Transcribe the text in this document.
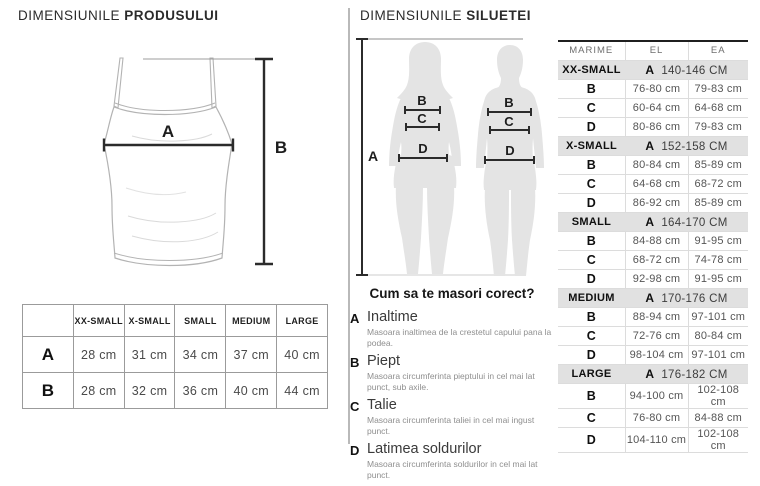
DIMENSIUNILE PRODUSULUI	DIMENSIUNILE SILUETEI
A
B
	XX-SMALL	X-SMALL	SMALL	MEDIUM	LARGE
A	28 cm	31 cm	34 cm	37 cm	40 cm
B	28 cm	32 cm	36 cm	40 cm	44 cm
A
B
C
D
B
C
D
Cum sa te masori corect?
A Inaltime
Masoara inaltimea de la crestetul capului pana la podea.
B Piept
Masoara circumferinta pieptului in cel mai lat punct, sub axile.
C Talie
Masoara circumferinta taliei in cel mai ingust punct.
D Latimea soldurilor
Masoara circumferinta soldurilor in cel mai lat punct.
MARIME	EL	EA
XX-SMALL	A 140-146 CM	
B	76-80 cm	79-83 cm
C	60-64 cm	64-68 cm
D	80-86 cm	79-83 cm
X-SMALL	A 152-158 CM	
B	80-84 cm	85-89 cm
C	64-68 cm	68-72 cm
D	86-92 cm	85-89 cm
SMALL	A 164-170 CM	
B	84-88 cm	91-95 cm
C	68-72 cm	74-78 cm
D	92-98 cm	91-95 cm
MEDIUM	A 170-176 CM	
B	88-94 cm	97-101 cm
C	72-76 cm	80-84 cm
D	98-104 cm	97-101 cm
LARGE	A 176-182 CM	
B	94-100 cm	102-108 cm
C	76-80 cm	84-88 cm
D	104-110 cm	102-108 cm
